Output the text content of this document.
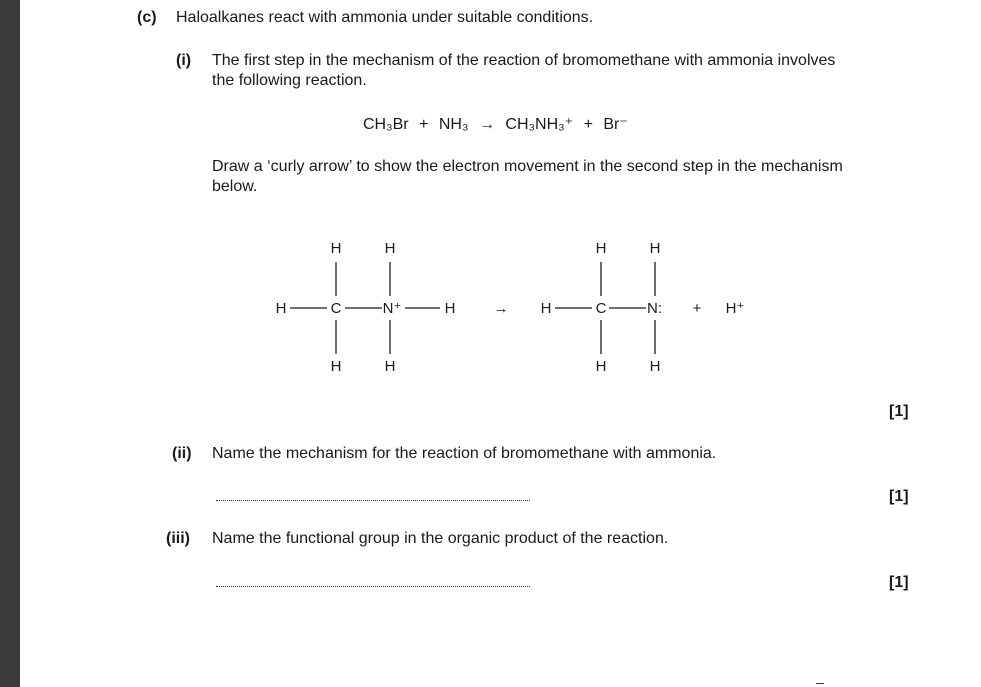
(c) Haloalkanes react with ammonia under suitable conditions.
(i) The first step in the mechanism of the reaction of bromomethane with ammonia involves
the following reaction.
CH₃Br + NH₃ → CH₃NH₃⁺ + Br⁻
Draw a ‘curly arrow’ to show the electron movement in the second step in the mechanism
below.
H	H
H	C	N⁺	H
H	H
→
H	H
H	C	N:
H	H
+ H⁺
[1]
(ii) Name the mechanism for the reaction of bromomethane with ammonia.
[1]
(iii) Name the functional group in the organic product of the reaction.
[1]
